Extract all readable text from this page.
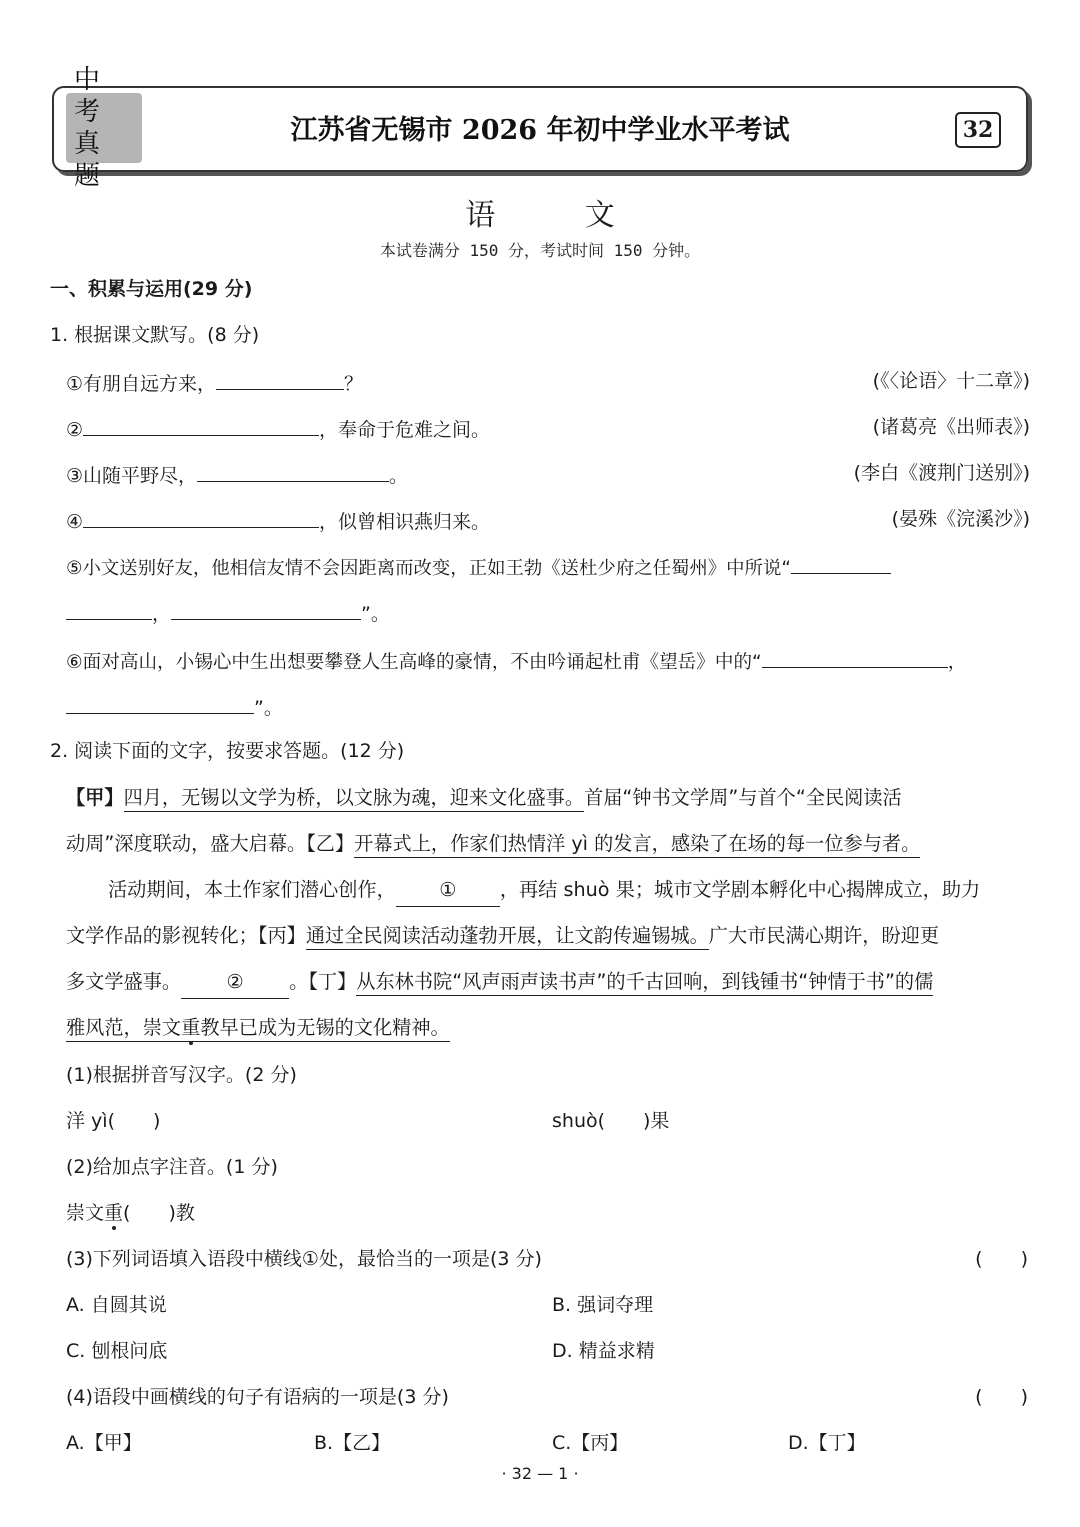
中 考
真 题
江苏省无锡市 2026 年初中学业水平考试	32
语 文
本试卷满分 150 分，考试时间 150 分钟。
一、积累与运用(29 分)
1. 根据课文默写。(8 分)
①有朋自远方来，	？	(《〈论语〉十二章》)
②	，奉命于危难之间。	(诸葛亮《出师表》)
③山随平野尽，	。	(李白《渡荆门送别》)
④	，似曾相识燕归来。	(晏殊《浣溪沙》)
⑤小文送别好友，他相信友情不会因距离而改变，正如王勃《送杜少府之任蜀州》中所说“
，	”。
⑥面对高山，小锡心中生出想要攀登人生高峰的豪情，不由吟诵起杜甫《望岳》中的“	，
”。
2. 阅读下面的文字，按要求答题。(12 分)
【甲】四月，无锡以文学为桥，以文脉为魂，迎来文化盛事。首届“钟书文学周”与首个“全民阅读活
动周”深度联动，盛大启幕。【乙】开幕式上，作家们热情洋 yì 的发言，感染了在场的每一位参与者。
活动期间，本土作家们潜心创作， ① ，再结 shuò 果；城市文学剧本孵化中心揭牌成立，助力
文学作品的影视转化；【丙】通过全民阅读活动蓬勃开展，让文韵传遍锡城。广大市民满心期许，盼迎更
多文学盛事。 ② 。【丁】从东林书院“风声雨声读书声”的千古回响，到钱锺书“钟情于书”的儒
雅风范，崇文重教早已成为无锡的文化精神。
(1)根据拼音写汉字。(2 分)
洋 yì(　　)	shuò(　　)果
(2)给加点字注音。(1 分)
崇文重(　　)教
(3)下列词语填入语段中横线①处，最恰当的一项是(3 分)	(　　)
A. 自圆其说	B. 强词夺理
C. 刨根问底	D. 精益求精
(4)语段中画横线的句子有语病的一项是(3 分)	(　　)
A.【甲】	B.【乙】	C.【丙】	D.【丁】
· 32 — 1 ·
